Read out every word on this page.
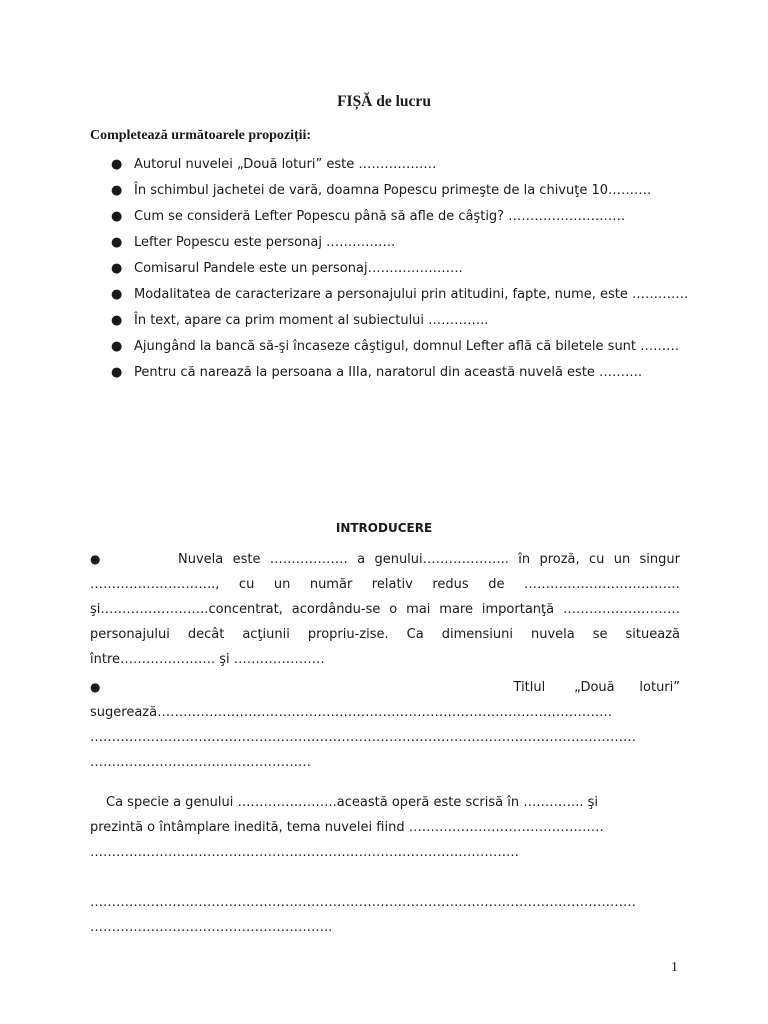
FIȘĂ de lucru
Completează următoarele propoziții:
● Autorul nuvelei „Două loturi” este ………………
● În schimbul jachetei de vară, doamna Popescu primeşte de la chivuţe 10……….
● Cum se consideră Lefter Popescu până să afle de câştig? ………………………
● Lefter Popescu este personaj …………….
● Comisarul Pandele este un personaj………………….
● Modalitatea de caracterizare a personajului prin atitudini, fapte, nume, este ………….
● În text, apare ca prim moment al subiectului …………..
● Ajungând la bancă să-şi încaseze câştigul, domnul Lefter află că biletele sunt ………
● Pentru că narează la persoana a IIIa, naratorul din această nuvelă este ……….
INTRODUCERE
●	Nuvela este ……………… a genului……………….. în proză, cu un singur ……………………….., cu un număr relativ redus de ……………………………… şi…………………….concentrat, acordându-se o mai mare importanţă ……………………… personajului decât acţiunii propriu-zise. Ca dimensiuni nuvela se situează între…………………. şi …………………
●	Titlul       „Două      loturi”
sugerează……………………………………………………………………………………………
………………………………………………………………………………………………………………
……………………………………………
Ca specie a genului …………………..această operă este scrisă în ………….. şi
prezintă o întâmplare inedită, tema nuvelei fiind ………………………………………
………………………………………………………………………………………
………………………………………………………………………………………………………………
………………………………………………..
1
